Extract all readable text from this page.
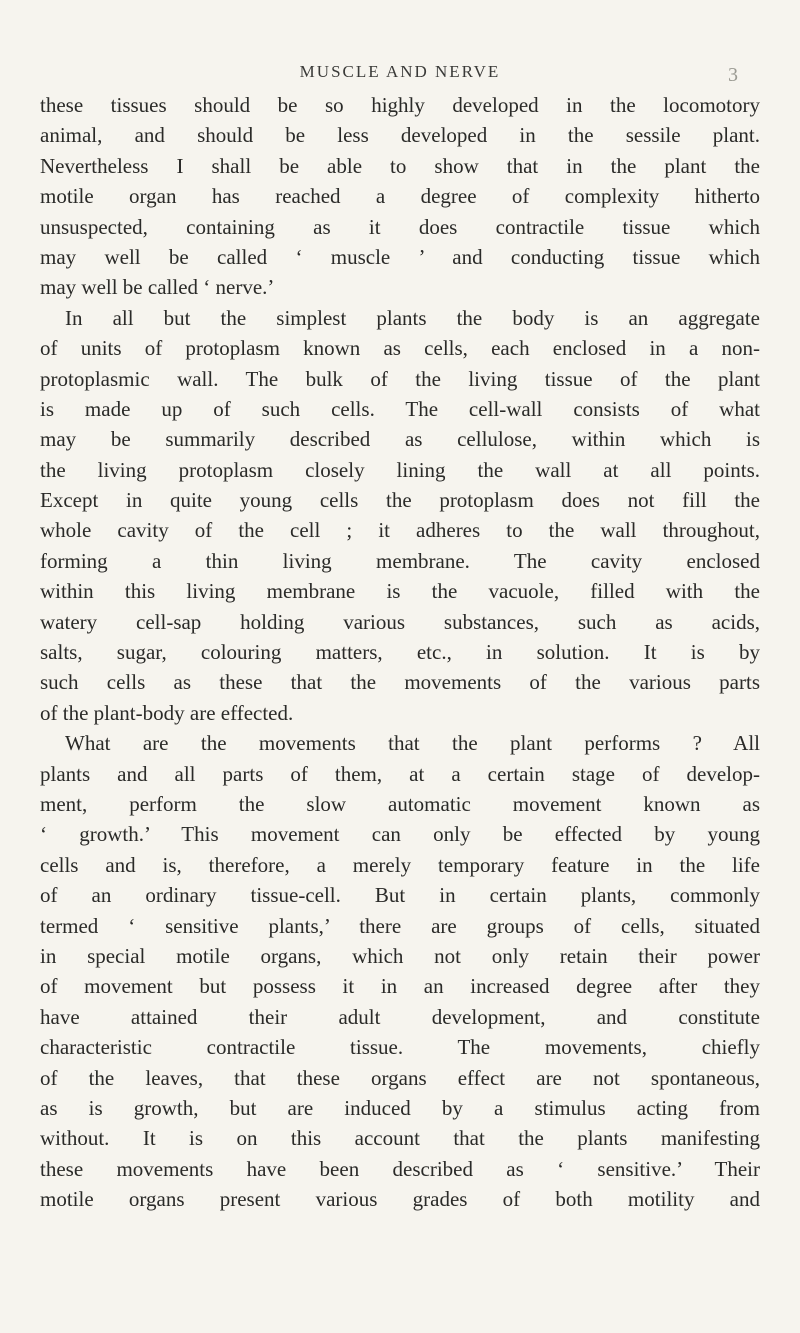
MUSCLE AND NERVE	3
these tissues should be so highly developed in the locomotory
animal, and should be less developed in the sessile plant.
Nevertheless I shall be able to show that in the plant the
motile organ has reached a degree of complexity hitherto
unsuspected, containing as it does contractile tissue which
may well be called ‘ muscle ’ and conducting tissue which
may well be called ‘ nerve.’
In all but the simplest plants the body is an aggregate
of units of protoplasm known as cells, each enclosed in a non-
protoplasmic wall. The bulk of the living tissue of the plant
is made up of such cells. The cell-wall consists of what
may be summarily described as cellulose, within which is
the living protoplasm closely lining the wall at all points.
Except in quite young cells the protoplasm does not fill the
whole cavity of the cell ; it adheres to the wall throughout,
forming a thin living membrane. The cavity enclosed
within this living membrane is the vacuole, filled with the
watery cell-sap holding various substances, such as acids,
salts, sugar, colouring matters, etc., in solution. It is by
such cells as these that the movements of the various parts
of the plant-body are effected.
What are the movements that the plant performs ? All
plants and all parts of them, at a certain stage of develop-
ment, perform the slow automatic movement known as
‘ growth.’ This movement can only be effected by young
cells and is, therefore, a merely temporary feature in the life
of an ordinary tissue-cell. But in certain plants, commonly
termed ‘ sensitive plants,’ there are groups of cells, situated
in special motile organs, which not only retain their power
of movement but possess it in an increased degree after they
have attained their adult development, and constitute
characteristic contractile tissue. The movements, chiefly
of the leaves, that these organs effect are not spontaneous,
as is growth, but are induced by a stimulus acting from
without. It is on this account that the plants manifesting
these movements have been described as ‘ sensitive.’ Their
motile organs present various grades of both motility and
